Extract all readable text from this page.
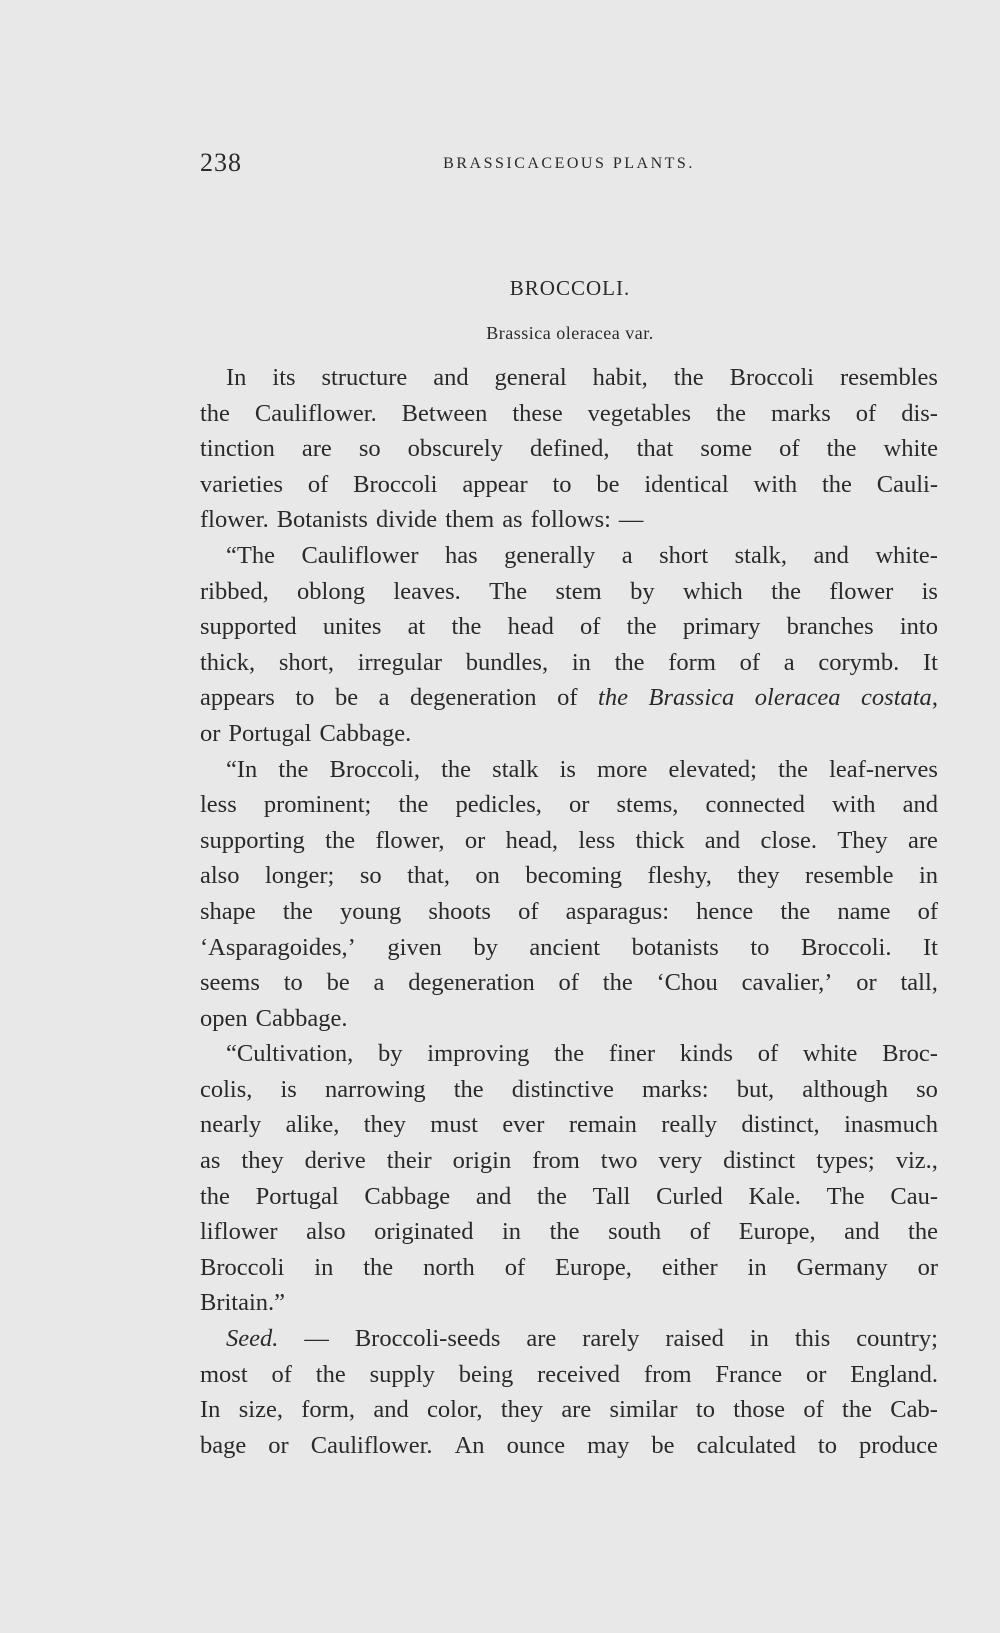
238	BRASSICACEOUS PLANTS.
BROCCOLI.
Brassica oleracea var.
In its structure and general habit, the Broccoli resembles
the Cauliflower. Between these vegetables the marks of dis-
tinction are so obscurely defined, that some of the white
varieties of Broccoli appear to be identical with the Cauli-
flower. Botanists divide them as follows: —
“The Cauliflower has generally a short stalk, and white-
ribbed, oblong leaves. The stem by which the flower is
supported unites at the head of the primary branches into
thick, short, irregular bundles, in the form of a corymb. It
appears to be a degeneration of the Brassica oleracea costata,
or Portugal Cabbage.
“In the Broccoli, the stalk is more elevated; the leaf-nerves
less prominent; the pedicles, or stems, connected with and
supporting the flower, or head, less thick and close. They are
also longer; so that, on becoming fleshy, they resemble in
shape the young shoots of asparagus: hence the name of
‘Asparagoides,’ given by ancient botanists to Broccoli. It
seems to be a degeneration of the ‘Chou cavalier,’ or tall,
open Cabbage.
“Cultivation, by improving the finer kinds of white Broc-
colis, is narrowing the distinctive marks: but, although so
nearly alike, they must ever remain really distinct, inasmuch
as they derive their origin from two very distinct types; viz.,
the Portugal Cabbage and the Tall Curled Kale. The Cau-
liflower also originated in the south of Europe, and the
Broccoli in the north of Europe, either in Germany or
Britain.”
Seed. — Broccoli-seeds are rarely raised in this country;
most of the supply being received from France or England.
In size, form, and color, they are similar to those of the Cab-
bage or Cauliflower. An ounce may be calculated to produce
